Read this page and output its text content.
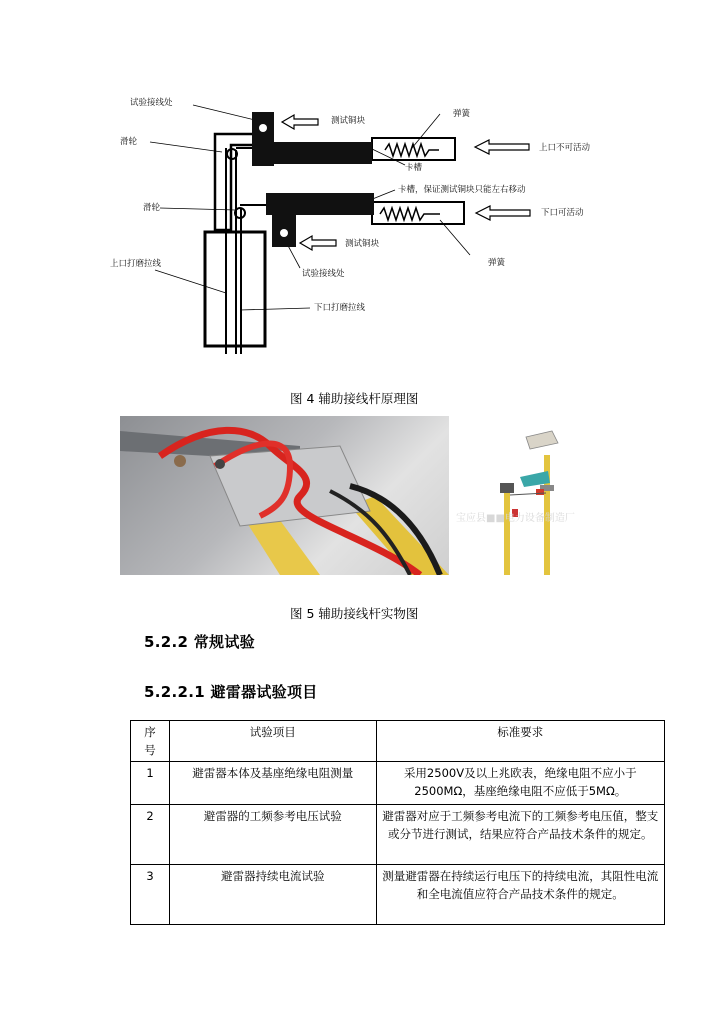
试验接线处
滑轮
测试铜块
弹簧
卡槽
上口不可活动
滑轮
卡槽，保证测试铜块只能左右移动
下口可活动
测试铜块
试验接线处
弹簧
上口打磨拉线
下口打磨拉线
图 4 辅助接线杆原理图
宝应县■■电力设备制造厂
图 5 辅助接线杆实物图
5.2.2 常规试验
5.2.2.1 避雷器试验项目
序号	试验项目	标准要求
1	避雷器本体及基座绝缘电阻测量	采用2500V及以上兆欧表，绝缘电阻不应小于2500MΩ，基座绝缘电阻不应低于5MΩ。
2	避雷器的工频参考电压试验	避雷器对应于工频参考电流下的工频参考电压值，整支或分节进行测试，结果应符合产品技术条件的规定。
3	避雷器持续电流试验	测量避雷器在持续运行电压下的持续电流，其阻性电流和全电流值应符合产品技术条件的规定。
